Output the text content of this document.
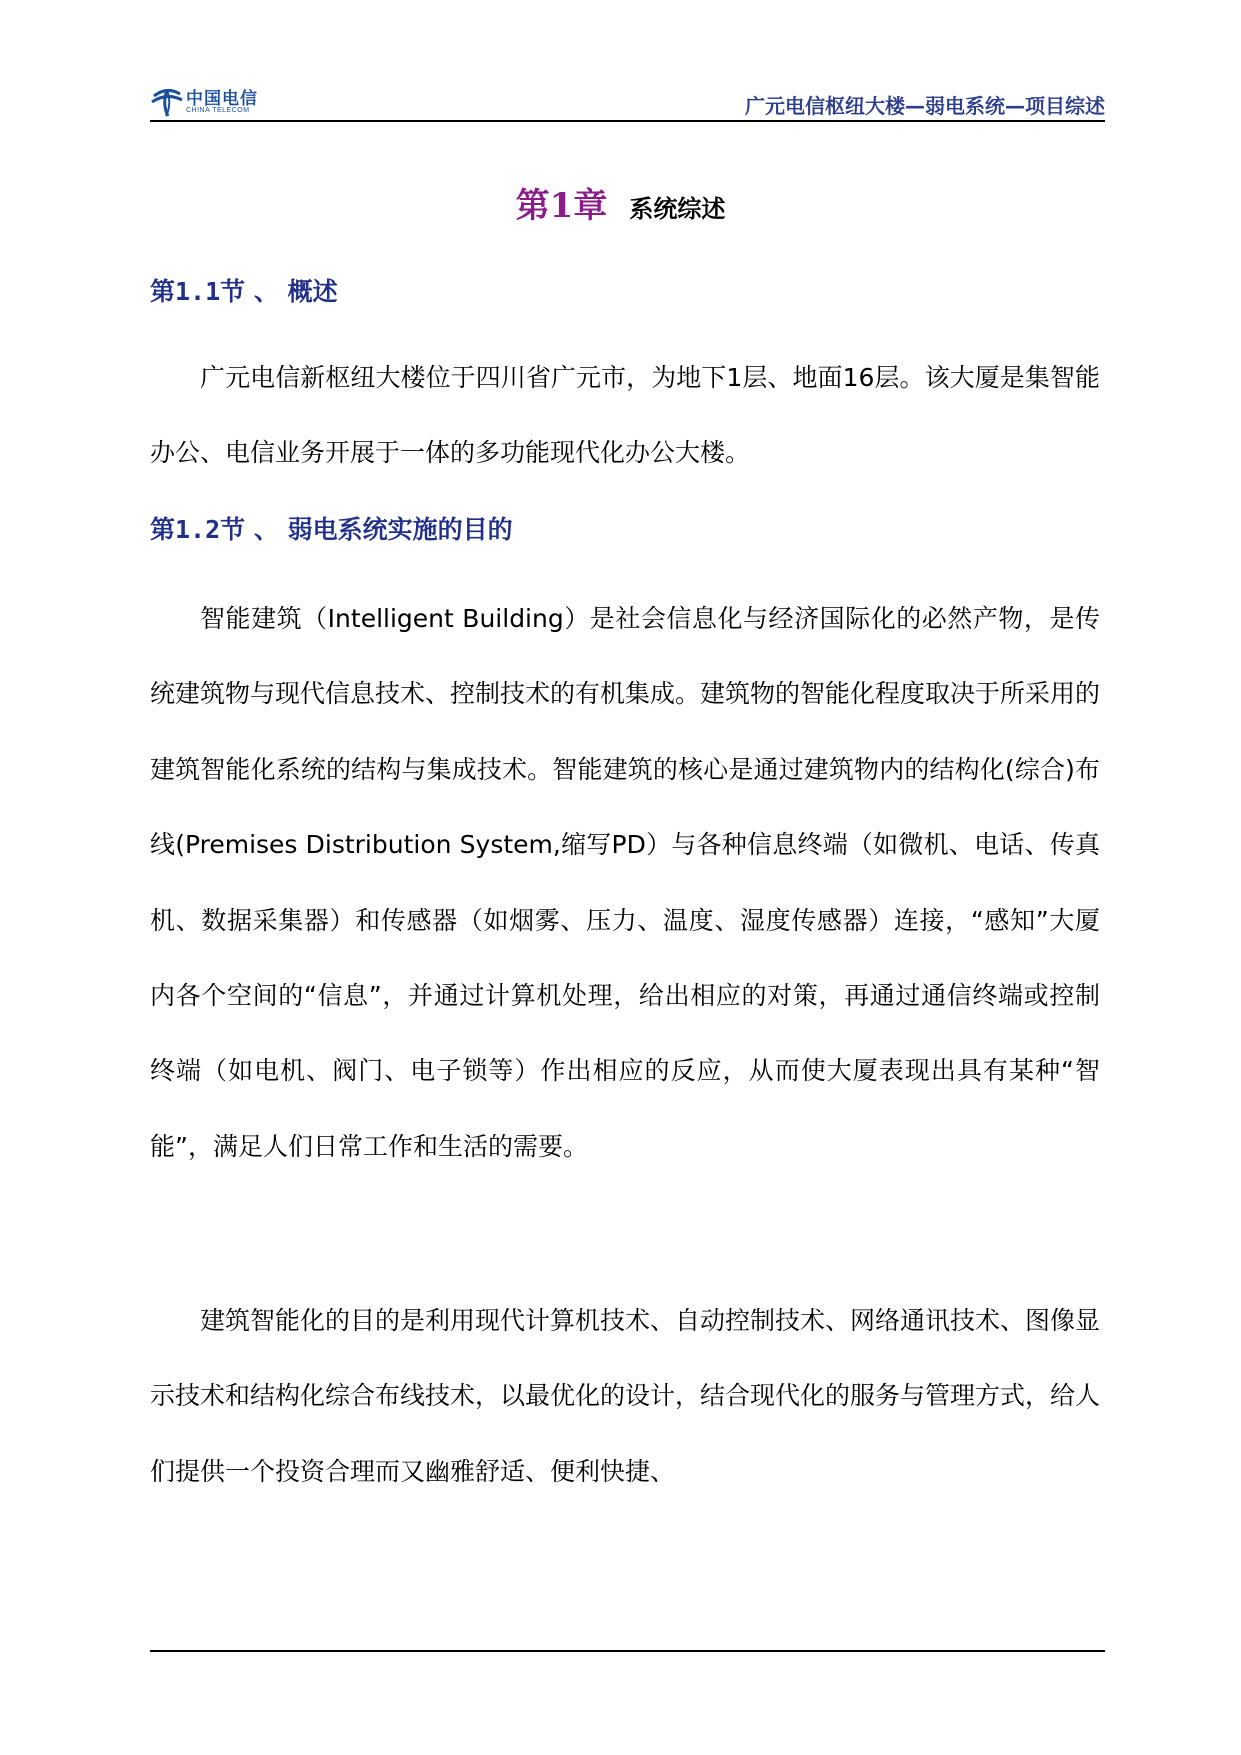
中国电信
CHINA TELECOM	广元电信枢纽大楼—弱电系统—项目综述
第1章 系统综述
第1.1节 、 概述

广元电信新枢纽大楼位于四川省广元市，为地下1层、地面16层。该大厦是集智能办公、电信业务开展于一体的多功能现代化办公大楼。

第1.2节 、 弱电系统实施的目的

智能建筑（Intelligent Building）是社会信息化与经济国际化的必然产物，是传统建筑物与现代信息技术、控制技术的有机集成。建筑物的智能化程度取决于所采用的建筑智能化系统的结构与集成技术。智能建筑的核心是通过建筑物内的结构化(综合)布线(Premises Distribution System,缩写PD）与各种信息终端（如微机、电话、传真机、数据采集器）和传感器（如烟雾、压力、温度、湿度传感器）连接，“感知”大厦内各个空间的“信息”，并通过计算机处理，给出相应的对策，再通过通信终端或控制终端（如电机、阀门、电子锁等）作出相应的反应，从而使大厦表现出具有某种“智能”，满足人们日常工作和生活的需要。

建筑智能化的目的是利用现代计算机技术、自动控制技术、网络通讯技术、图像显示技术和结构化综合布线技术，以最优化的设计，结合现代化的服务与管理方式，给人们提供一个投资合理而又幽雅舒适、便利快捷、
